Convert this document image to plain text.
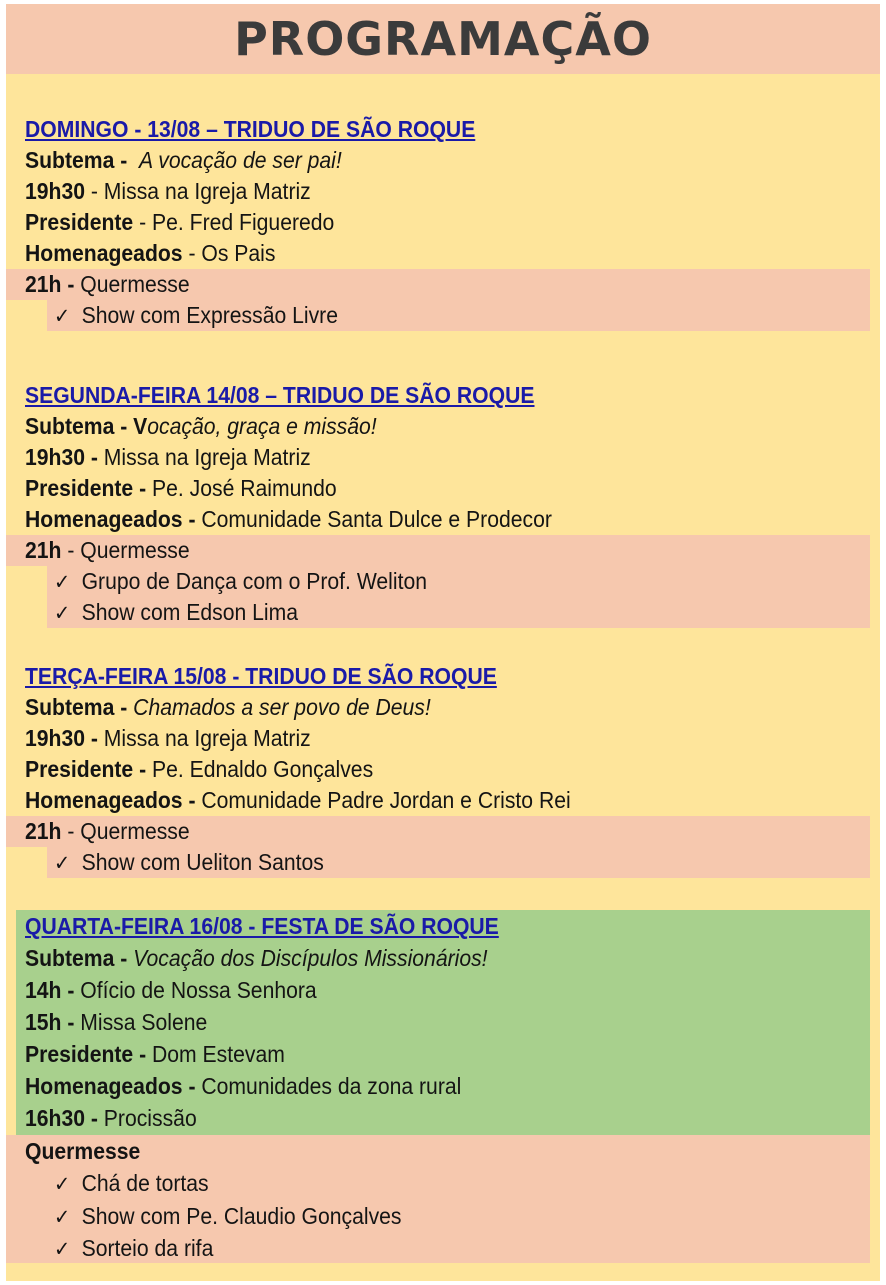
PROGRAMAÇÃO
DOMINGO - 13/08 – TRIDUO DE SÃO ROQUE
Subtema - A vocação de ser pai!
19h30 - Missa na Igreja Matriz
Presidente - Pe. Fred Figueredo
Homenageados - Os Pais
21h - Quermesse
✓ Show com Expressão Livre
SEGUNDA-FEIRA 14/08 – TRIDUO DE SÃO ROQUE
Subtema - Vocação, graça e missão!
19h30 - Missa na Igreja Matriz
Presidente - Pe. José Raimundo
Homenageados - Comunidade Santa Dulce e Prodecor
21h - Quermesse
✓ Grupo de Dança com o Prof. Weliton
✓ Show com Edson Lima
TERÇA-FEIRA 15/08 - TRIDUO DE SÃO ROQUE
Subtema - Chamados a ser povo de Deus!
19h30 - Missa na Igreja Matriz
Presidente - Pe. Ednaldo Gonçalves
Homenageados - Comunidade Padre Jordan e Cristo Rei
21h - Quermesse
✓ Show com Ueliton Santos
QUARTA-FEIRA 16/08 - FESTA DE SÃO ROQUE
Subtema - Vocação dos Discípulos Missionários!
14h - Ofício de Nossa Senhora
15h - Missa Solene
Presidente - Dom Estevam
Homenageados - Comunidades da zona rural
16h30 - Procissão
Quermesse
✓ Chá de tortas
✓ Show com Pe. Claudio Gonçalves
✓ Sorteio da rifa
